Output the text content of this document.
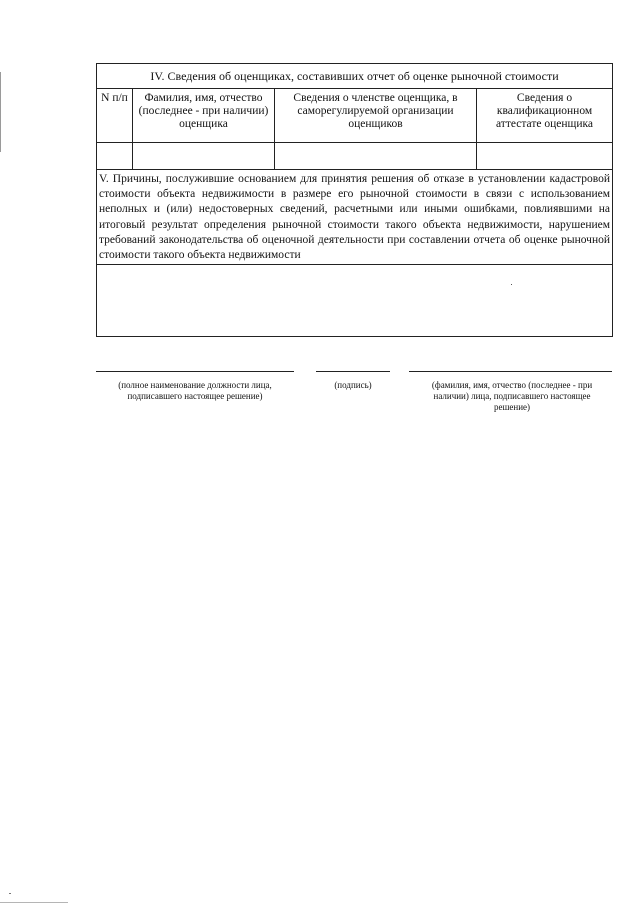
IV. Сведения об оценщиках, составивших отчет об оценке рыночной стоимости			
N п/п	Фамилия, имя, отчество (последнее - при наличии) оценщика	Сведения о членстве оценщика, в саморегулируемой организации оценщиков	Сведения о квалификационном аттестате оценщика

V. Причины, послужившие основанием для принятия решения об отказе в установлении кадастровой стоимости объекта недвижимости в размере его рыночной стоимости в связи с использованием неполных и (или) недостоверных сведений, расчетными или иными ошибками, повлиявшими на итоговый результат определения рыночной стоимости такого объекта недвижимости, нарушением требований законодательства об оценочной деятельности при составлении отчета об оценке рыночной стоимости такого объекта недвижимости			

(полное наименование должности лица, подписавшего настоящее решение)
(подпись)	(фамилия, имя, отчество (последнее - при наличии) лица, подписавшего настоящее решение)
